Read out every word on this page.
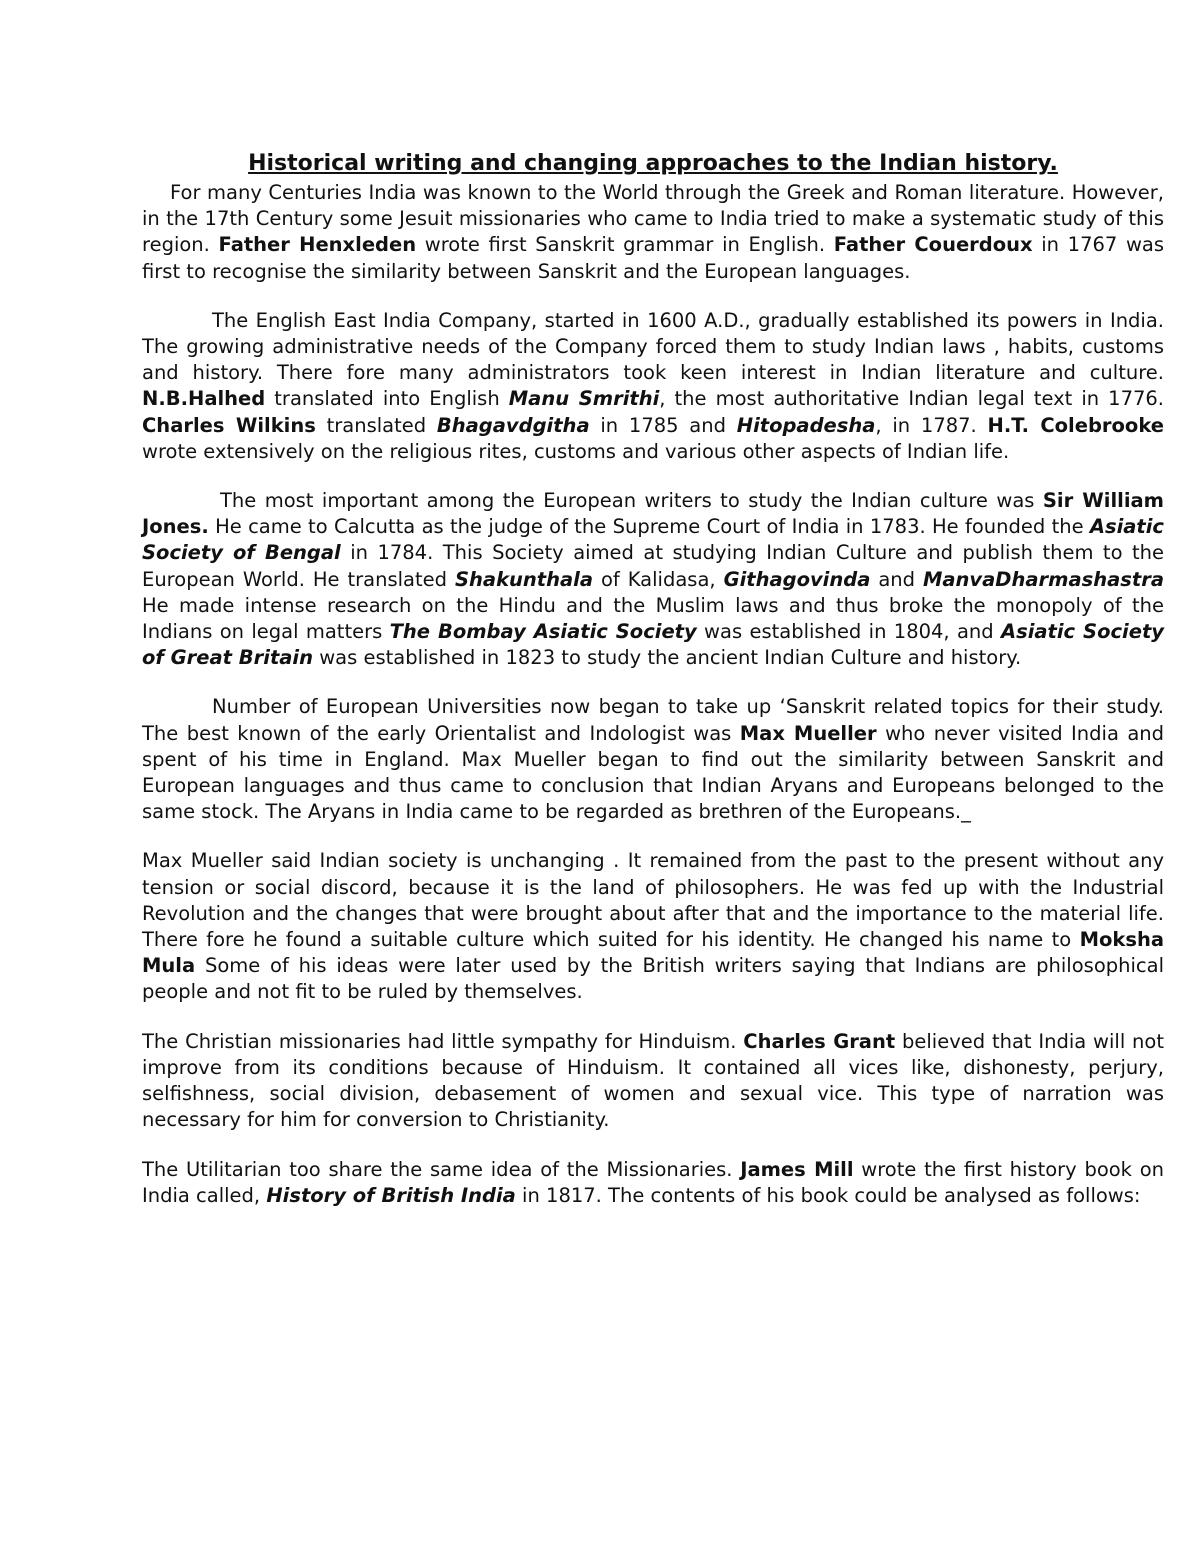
Historical writing and changing approaches to the Indian history.

For many Centuries India was known to the World through the Greek and Roman literature. However, in the 17th Century some Jesuit missionaries who came to India tried to make a systematic study of this region. Father Henxleden wrote first Sanskrit grammar in English. Father Couerdoux in 1767 was first to recognise the similarity between Sanskrit and the European languages.

The English East India Company, started in 1600 A.D., gradually established its powers in India. The growing administrative needs of the Company forced them to study Indian laws , habits, customs and history. There fore many administrators took keen interest in Indian literature and culture. N.B.Halhed translated into English Manu Smrithi, the most authoritative Indian legal text in 1776. Charles Wilkins translated Bhagavdgitha in 1785 and Hitopadesha, in 1787. H.T. Colebrooke wrote extensively on the religious rites, customs and various other aspects of Indian life.

The most important among the European writers to study the Indian culture was Sir William Jones. He came to Calcutta as the judge of the Supreme Court of India in 1783. He founded the Asiatic Society of Bengal in 1784. This Society aimed at studying Indian Culture and publish them to the European World. He translated Shakunthala of Kalidasa, Githagovinda and ManvaDharmashastra He made intense research on the Hindu and the Muslim laws and thus broke the monopoly of the Indians on legal matters The Bombay Asiatic Society was established in 1804, and Asiatic Society of Great Britain was established in 1823 to study the ancient Indian Culture and history.

Number of European Universities now began to take up ‘Sanskrit related topics for their study. The best known of the early Orientalist and Indologist was Max Mueller who never visited India and spent of his time in England. Max Mueller began to find out the similarity between Sanskrit and European languages and thus came to conclusion that Indian Aryans and Europeans belonged to the same stock. The Aryans in India came to be regarded as brethren of the Europeans._

Max Mueller said Indian society is unchanging . It remained from the past to the present without any tension or social discord, because it is the land of philosophers. He was fed up with the Industrial Revolution and the changes that were brought about after that and the importance to the material life. There fore he found a suitable culture which suited for his identity. He changed his name to Moksha Mula Some of his ideas were later used by the British writers saying that Indians are philosophical people and not fit to be ruled by themselves.

The Christian missionaries had little sympathy for Hinduism. Charles Grant believed that India will not improve from its conditions because of Hinduism. It contained all vices like, dishonesty, perjury, selfishness, social division, debasement of women and sexual vice. This type of narration was necessary for him for conversion to Christianity.

The Utilitarian too share the same idea of the Missionaries. James Mill wrote the first history book on India called, History of British India in 1817. The contents of his book could be analysed as follows:
